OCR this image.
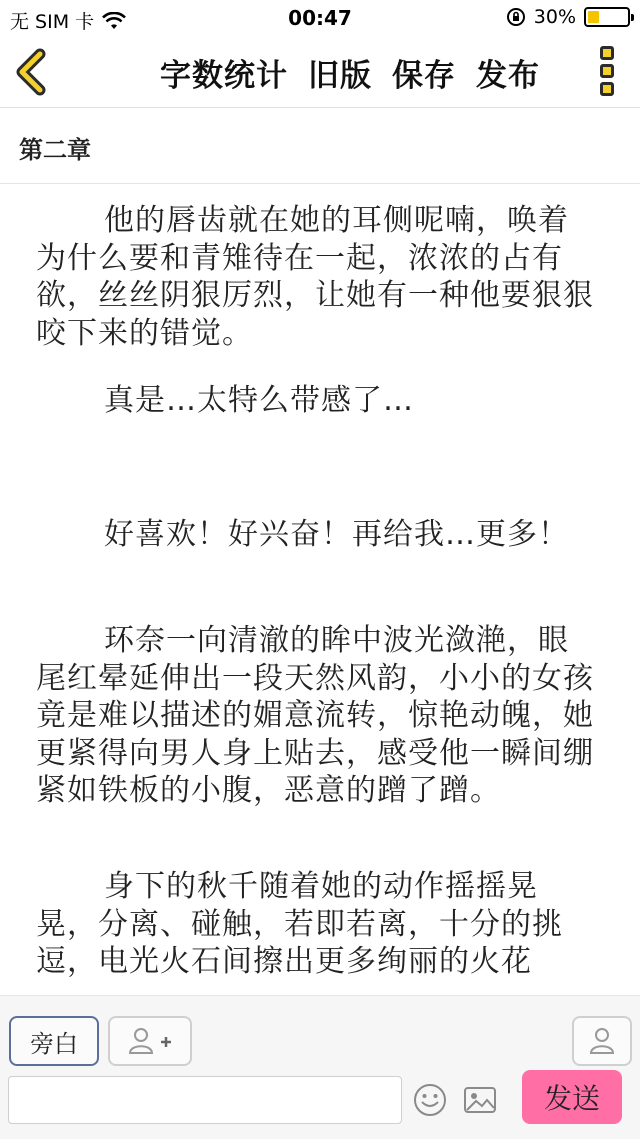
无 SIM 卡	00:47	30%
字数统计 旧版 保存 发布
第二章

他的唇齿就在她的耳侧呢喃，唤着为什么要和青雉待在一起，浓浓的占有欲，丝丝阴狠厉烈，让她有一种他要狠狠咬下来的错觉。

真是…太特么带感了…

好喜欢！好兴奋！再给我…更多！

环奈一向清澈的眸中波光潋滟，眼尾红晕延伸出一段天然风韵，小小的女孩竟是难以描述的媚意流转，惊艳动魄，她更紧得向男人身上贴去，感受他一瞬间绷紧如铁板的小腹，恶意的蹭了蹭。

身下的秋千随着她的动作摇摇晃晃，分离、碰触，若即若离，十分的挑逗，电光火石间擦出更多绚丽的火花

旁白
发送
